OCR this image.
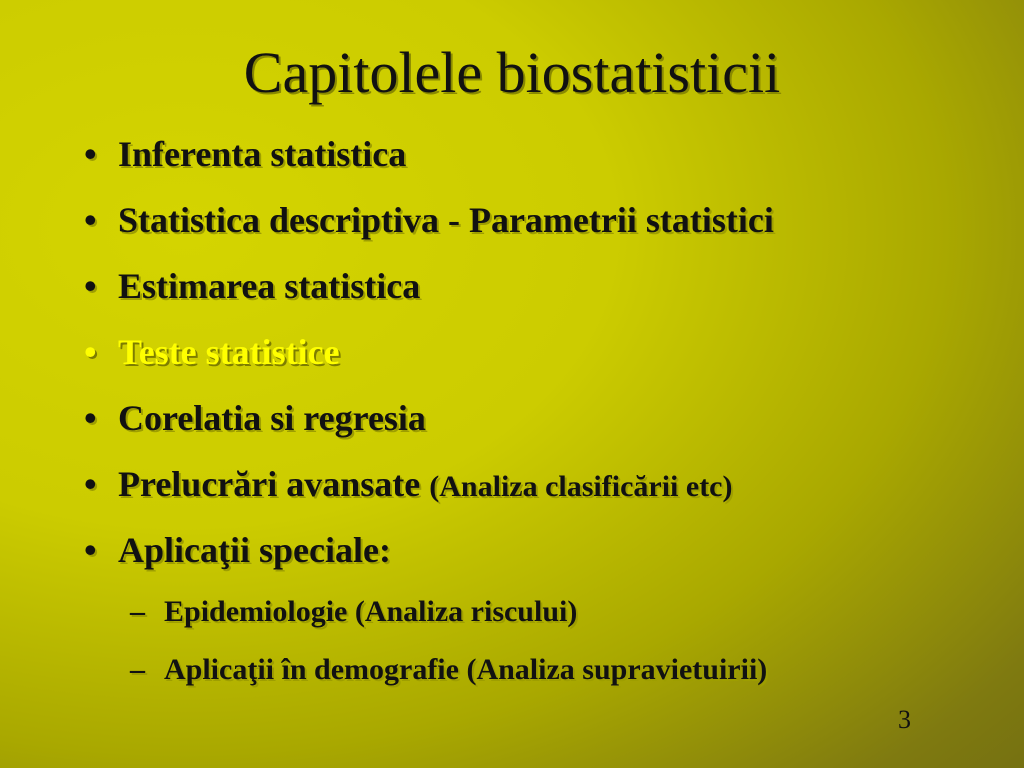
Capitolele biostatisticii
• Inferenta statistica
• Statistica descriptiva - Parametrii statistici
• Estimarea statistica
• Teste statistice
• Corelatia si regresia
• Prelucrări avansate (Analiza clasificării etc)
• Aplicaţii speciale:
– Epidemiologie (Analiza riscului)
– Aplicaţii în demografie (Analiza supravietuirii)
3
